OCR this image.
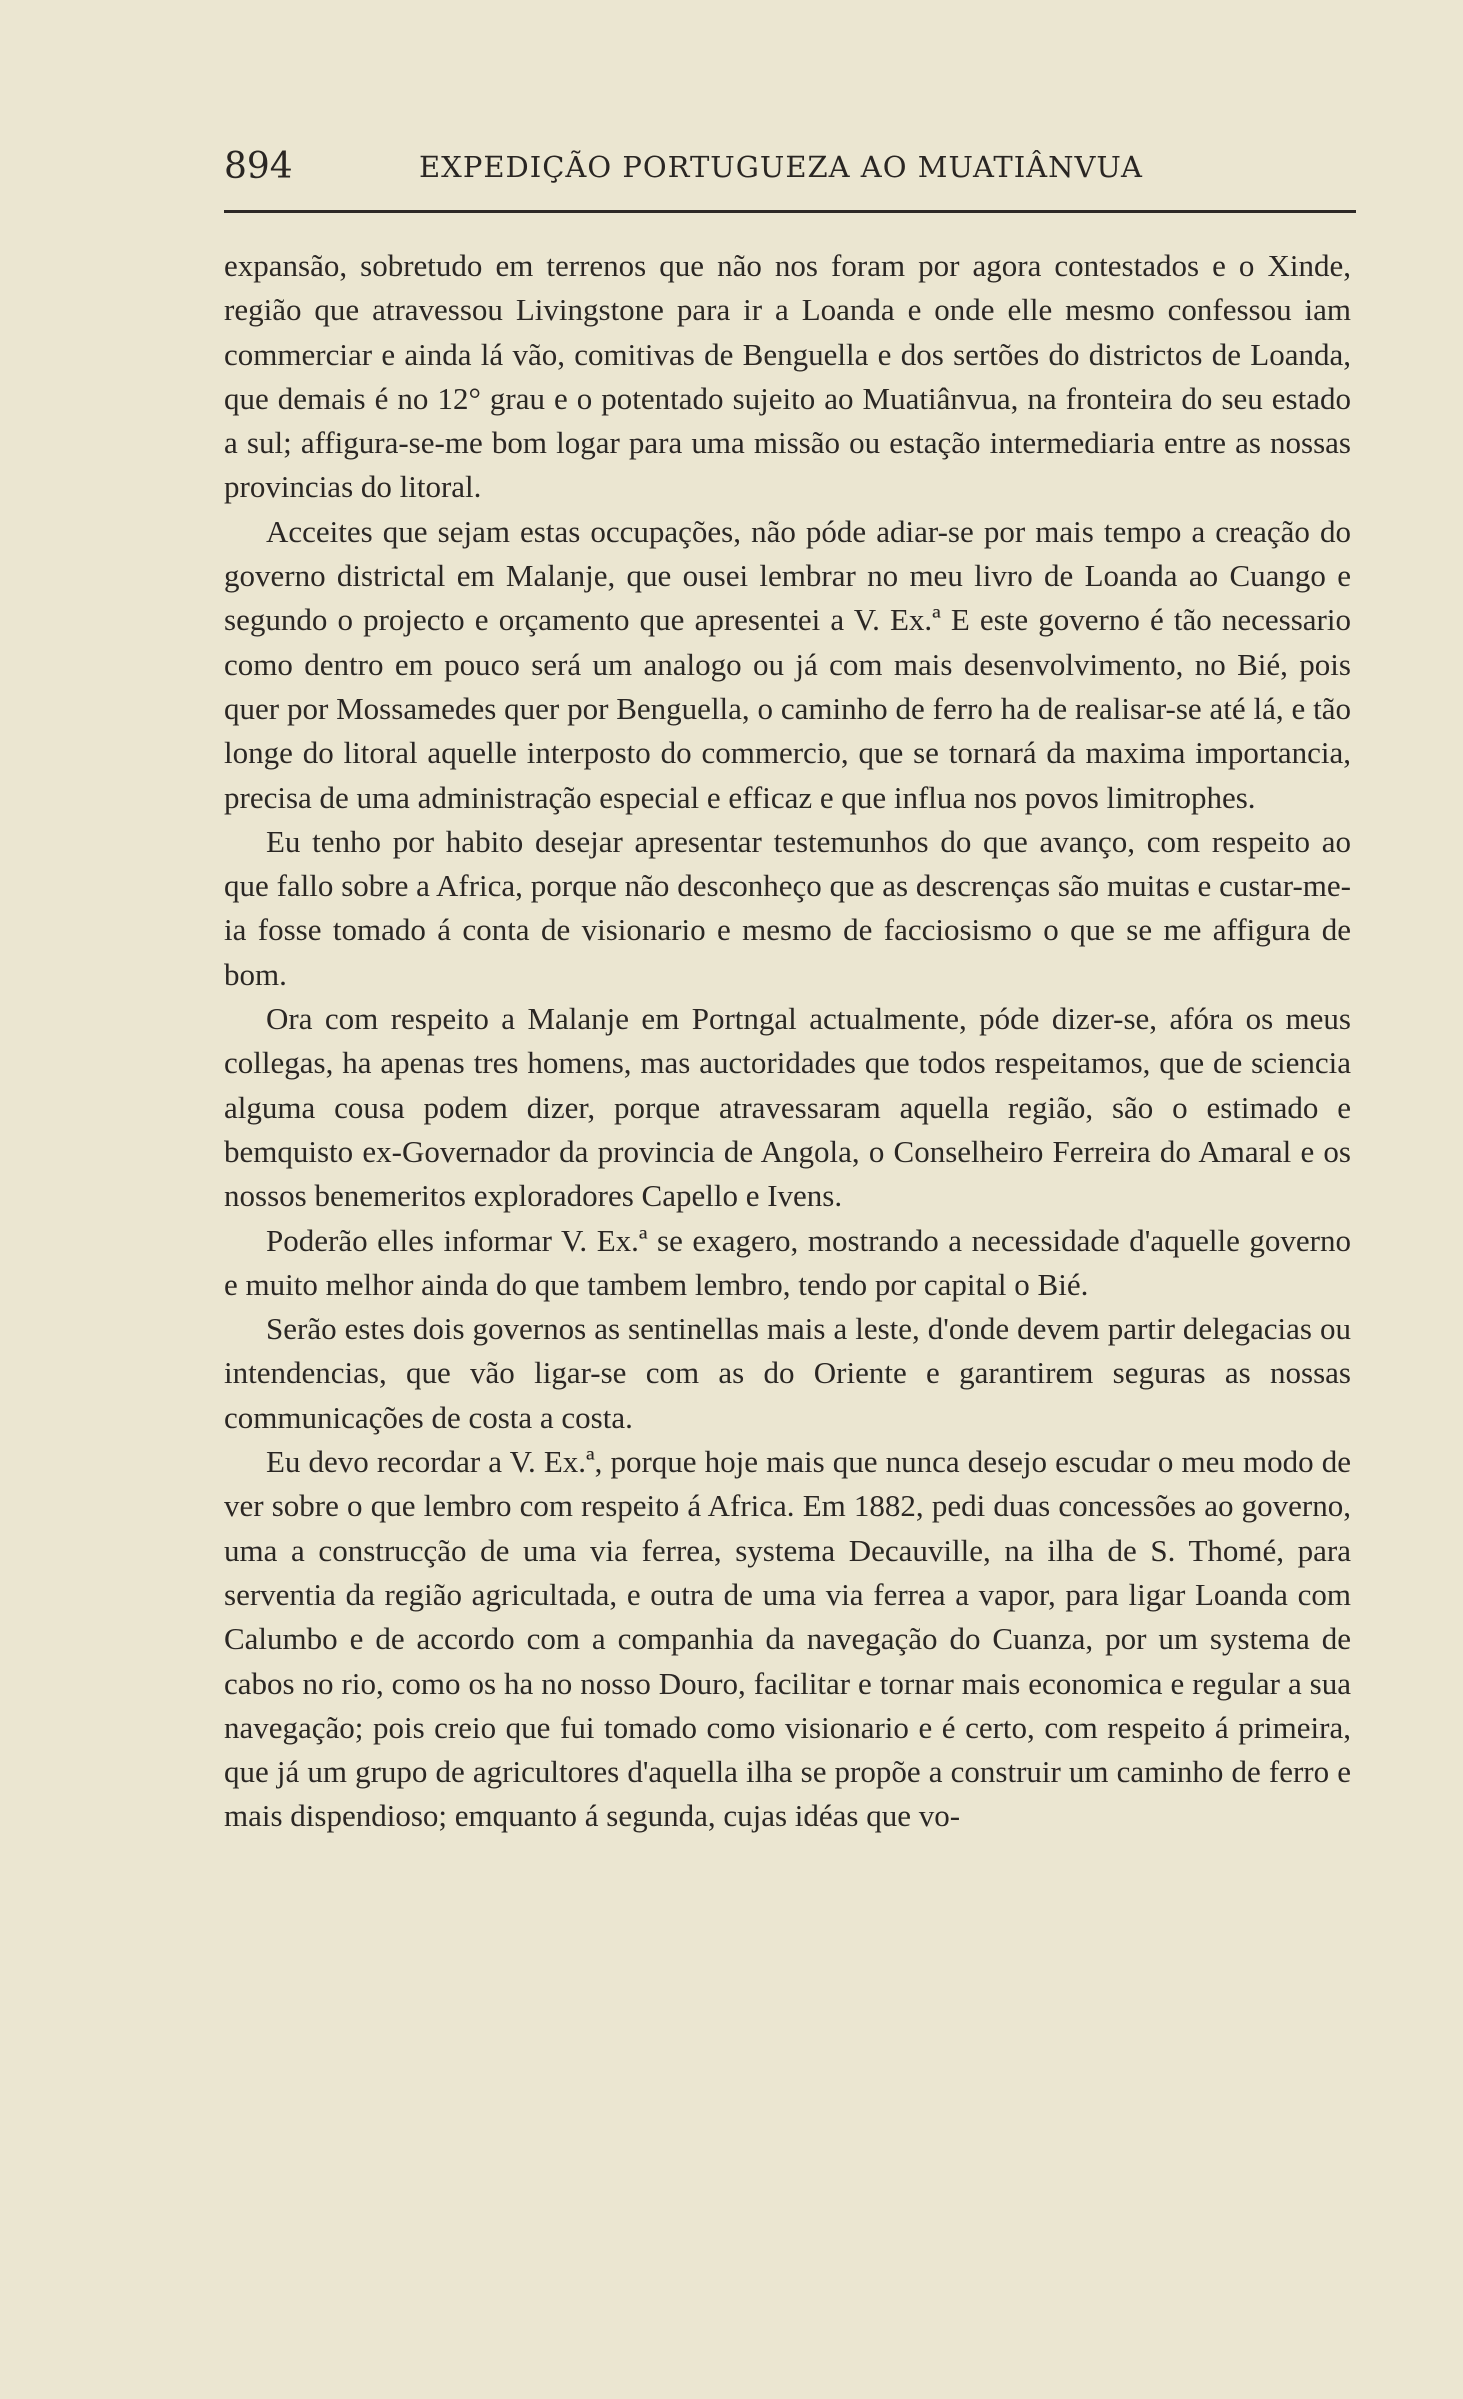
894	EXPEDIÇÃO PORTUGUEZA AO MUATIÂNVUA

expansão, sobretudo em terrenos que não nos foram por agora contestados e o Xinde, região que atravessou Livingstone para ir a Loanda e onde elle mesmo confessou iam commerciar e ainda lá vão, comitivas de Benguella e dos sertões do districtos de Loanda, que demais é no 12° grau e o potentado sujeito ao Muatiânvua, na fronteira do seu estado a sul; affigura-se-me bom logar para uma missão ou estação intermediaria entre as nossas provincias do litoral.

Acceites que sejam estas occupações, não póde adiar-se por mais tempo a creação do governo districtal em Malanje, que ousei lembrar no meu livro de Loanda ao Cuango e segundo o projecto e orçamento que apresentei a V. Ex.ª E este governo é tão necessario como dentro em pouco será um analogo ou já com mais desenvolvimento, no Bié, pois quer por Mossamedes quer por Benguella, o caminho de ferro ha de realisar-se até lá, e tão longe do litoral aquelle interposto do commercio, que se tornará da maxima importancia, precisa de uma administração especial e efficaz e que influa nos povos limitrophes.

Eu tenho por habito desejar apresentar testemunhos do que avanço, com respeito ao que fallo sobre a Africa, porque não desconheço que as descrenças são muitas e custar-me-ia fosse tomado á conta de visionario e mesmo de facciosismo o que se me affigura de bom.

Ora com respeito a Malanje em Portngal actualmente, póde dizer-se, afóra os meus collegas, ha apenas tres homens, mas auctoridades que todos respeitamos, que de sciencia alguma cousa podem dizer, porque atravessaram aquella região, são o estimado e bemquisto ex-Governador da provincia de Angola, o Conselheiro Ferreira do Amaral e os nossos benemeritos exploradores Capello e Ivens.

Poderão elles informar V. Ex.ª se exagero, mostrando a necessidade d'aquelle governo e muito melhor ainda do que tambem lembro, tendo por capital o Bié.

Serão estes dois governos as sentinellas mais a leste, d'onde devem partir delegacias ou intendencias, que vão ligar-se com as do Oriente e garantirem seguras as nossas communicações de costa a costa.

Eu devo recordar a V. Ex.ª, porque hoje mais que nunca desejo escudar o meu modo de ver sobre o que lembro com respeito á Africa. Em 1882, pedi duas concessões ao governo, uma a construcção de uma via ferrea, systema Decauville, na ilha de S. Thomé, para serventia da região agricultada, e outra de uma via ferrea a vapor, para ligar Loanda com Calumbo e de accordo com a companhia da navegação do Cuanza, por um systema de cabos no rio, como os ha no nosso Douro, facilitar e tornar mais economica e regular a sua navegação; pois creio que fui tomado como visionario e é certo, com respeito á primeira, que já um grupo de agricultores d'aquella ilha se propõe a construir um caminho de ferro e mais dispendioso; emquanto á segunda, cujas idéas que vo-
